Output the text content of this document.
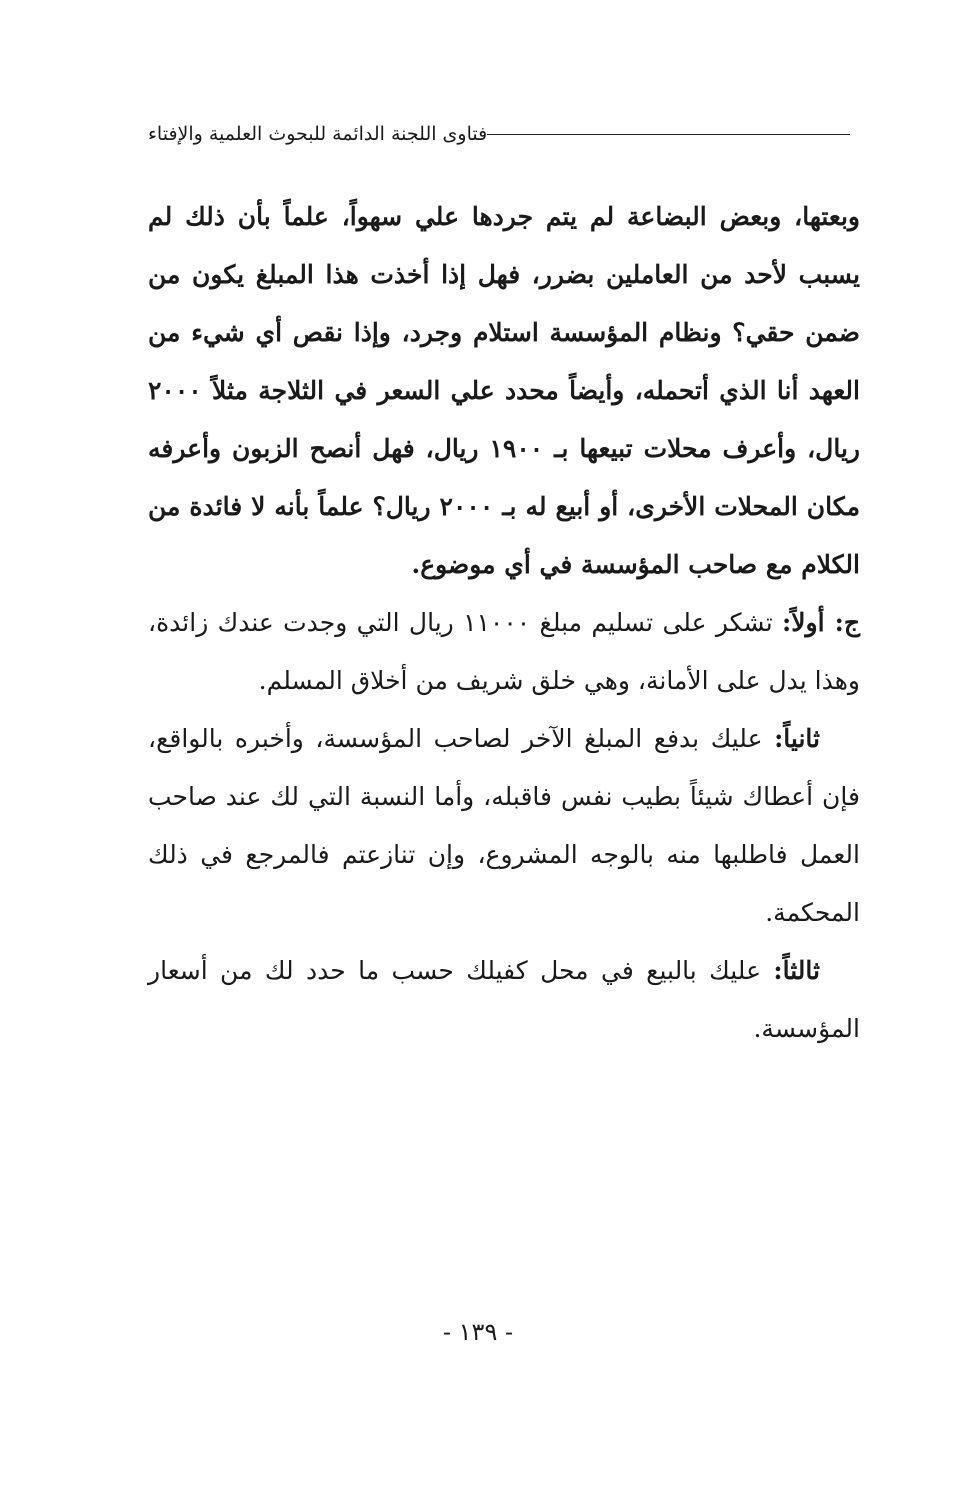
فتاوى اللجنة الدائمة للبحوث العلمية والإفتاء

وبعتها، وبعض البضاعة لم يتم جردها علي سهواً، علماً بأن ذلك لم يسبب لأحد من العاملين بضرر، فهل إذا أخذت هذا المبلغ يكون من ضمن حقي؟ ونظام المؤسسة استلام وجرد، وإذا نقص أي شيء من العهد أنا الذي أتحمله، وأيضاً محدد علي السعر في الثلاجة مثلاً ٢٠٠٠ ريال، وأعرف محلات تبيعها بـ ١٩٠٠ ريال، فهل أنصح الزبون وأعرفه مكان المحلات الأخرى، أو أبيع له بـ ٢٠٠٠ ريال؟ علماً بأنه لا فائدة من الكلام مع صاحب المؤسسة في أي موضوع.

ج: أولاً: تشكر على تسليم مبلغ ١١٠٠٠ ريال التي وجدت عندك زائدة، وهذا يدل على الأمانة، وهي خلق شريف من أخلاق المسلم.

ثانياً: عليك بدفع المبلغ الآخر لصاحب المؤسسة، وأخبره بالواقع، فإن أعطاك شيئاً بطيب نفس فاقبله، وأما النسبة التي لك عند صاحب العمل فاطلبها منه بالوجه المشروع، وإن تنازعتم فالمرجع في ذلك المحكمة.

ثالثاً: عليك بالبيع في محل كفيلك حسب ما حدد لك من أسعار المؤسسة.

- ١٣٩ -
